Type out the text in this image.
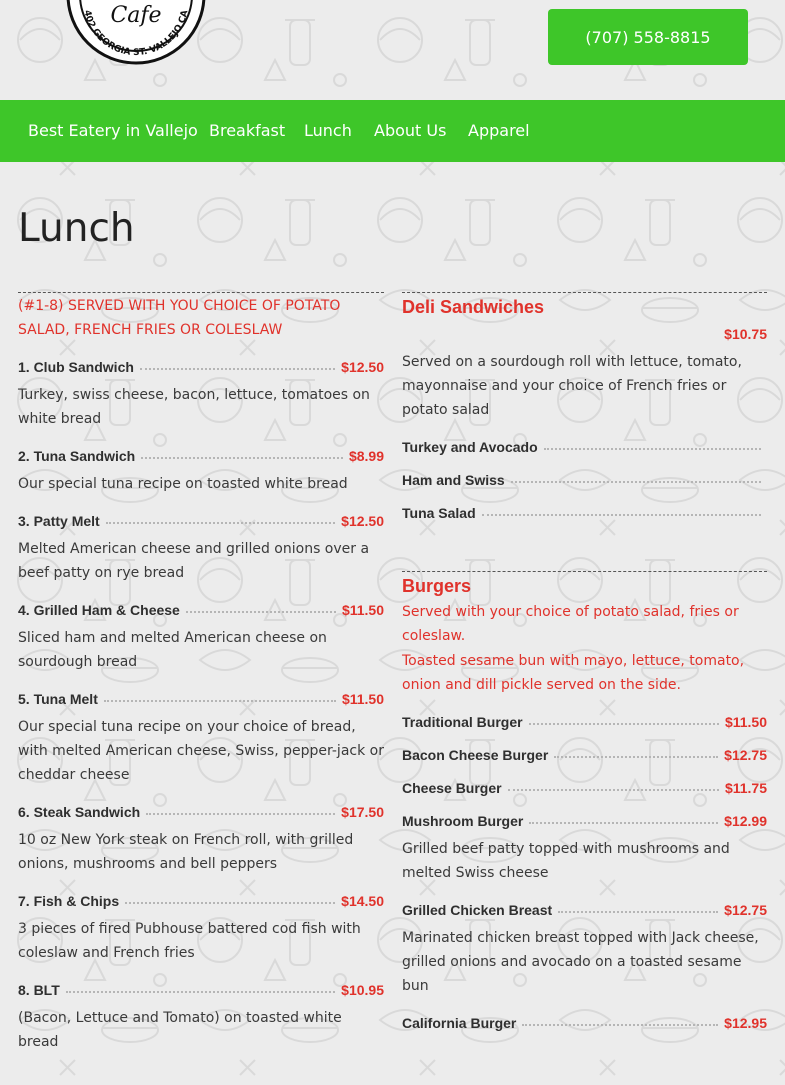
Cafe
402 GEORGIA ST. VALLEJO CA
(707) 558-8815
Best Eatery in Vallejo Breakfast Lunch About Us Apparel
Lunch
(#1-8) SERVED WITH YOU CHOICE OF POTATO SALAD, FRENCH FRIES OR COLESLAW
1. Club Sandwich	$12.50
Turkey, swiss cheese, bacon, lettuce, tomatoes on white bread
2. Tuna Sandwich	$8.99
Our special tuna recipe on toasted white bread
3. Patty Melt	$12.50
Melted American cheese and grilled onions over a beef patty on rye bread
4. Grilled Ham & Cheese	$11.50
Sliced ham and melted American cheese on sourdough bread
5. Tuna Melt	$11.50
Our special tuna recipe on your choice of bread, with melted American cheese, Swiss, pepper-jack or cheddar cheese
6. Steak Sandwich	$17.50
10 oz New York steak on French roll, with grilled onions, mushrooms and bell peppers
7. Fish & Chips	$14.50
3 pieces of fired Pubhouse battered cod fish with coleslaw and French fries
8. BLT	$10.95
(Bacon, Lettuce and Tomato) on toasted white bread
Deli Sandwiches
$10.75
Served on a sourdough roll with lettuce, tomato, mayonnaise and your choice of French fries or potato salad
Turkey and Avocado
Ham and Swiss
Tuna Salad
Burgers
Served with your choice of potato salad, fries or coleslaw.
Toasted sesame bun with mayo, lettuce, tomato, onion and dill pickle served on the side.
Traditional Burger	$11.50
Bacon Cheese Burger	$12.75
Cheese Burger	$11.75
Mushroom Burger	$12.99
Grilled beef patty topped with mushrooms and melted Swiss cheese
Grilled Chicken Breast	$12.75
Marinated chicken breast topped with Jack cheese, grilled onions and avocado on a toasted sesame bun
California Burger	$12.95
